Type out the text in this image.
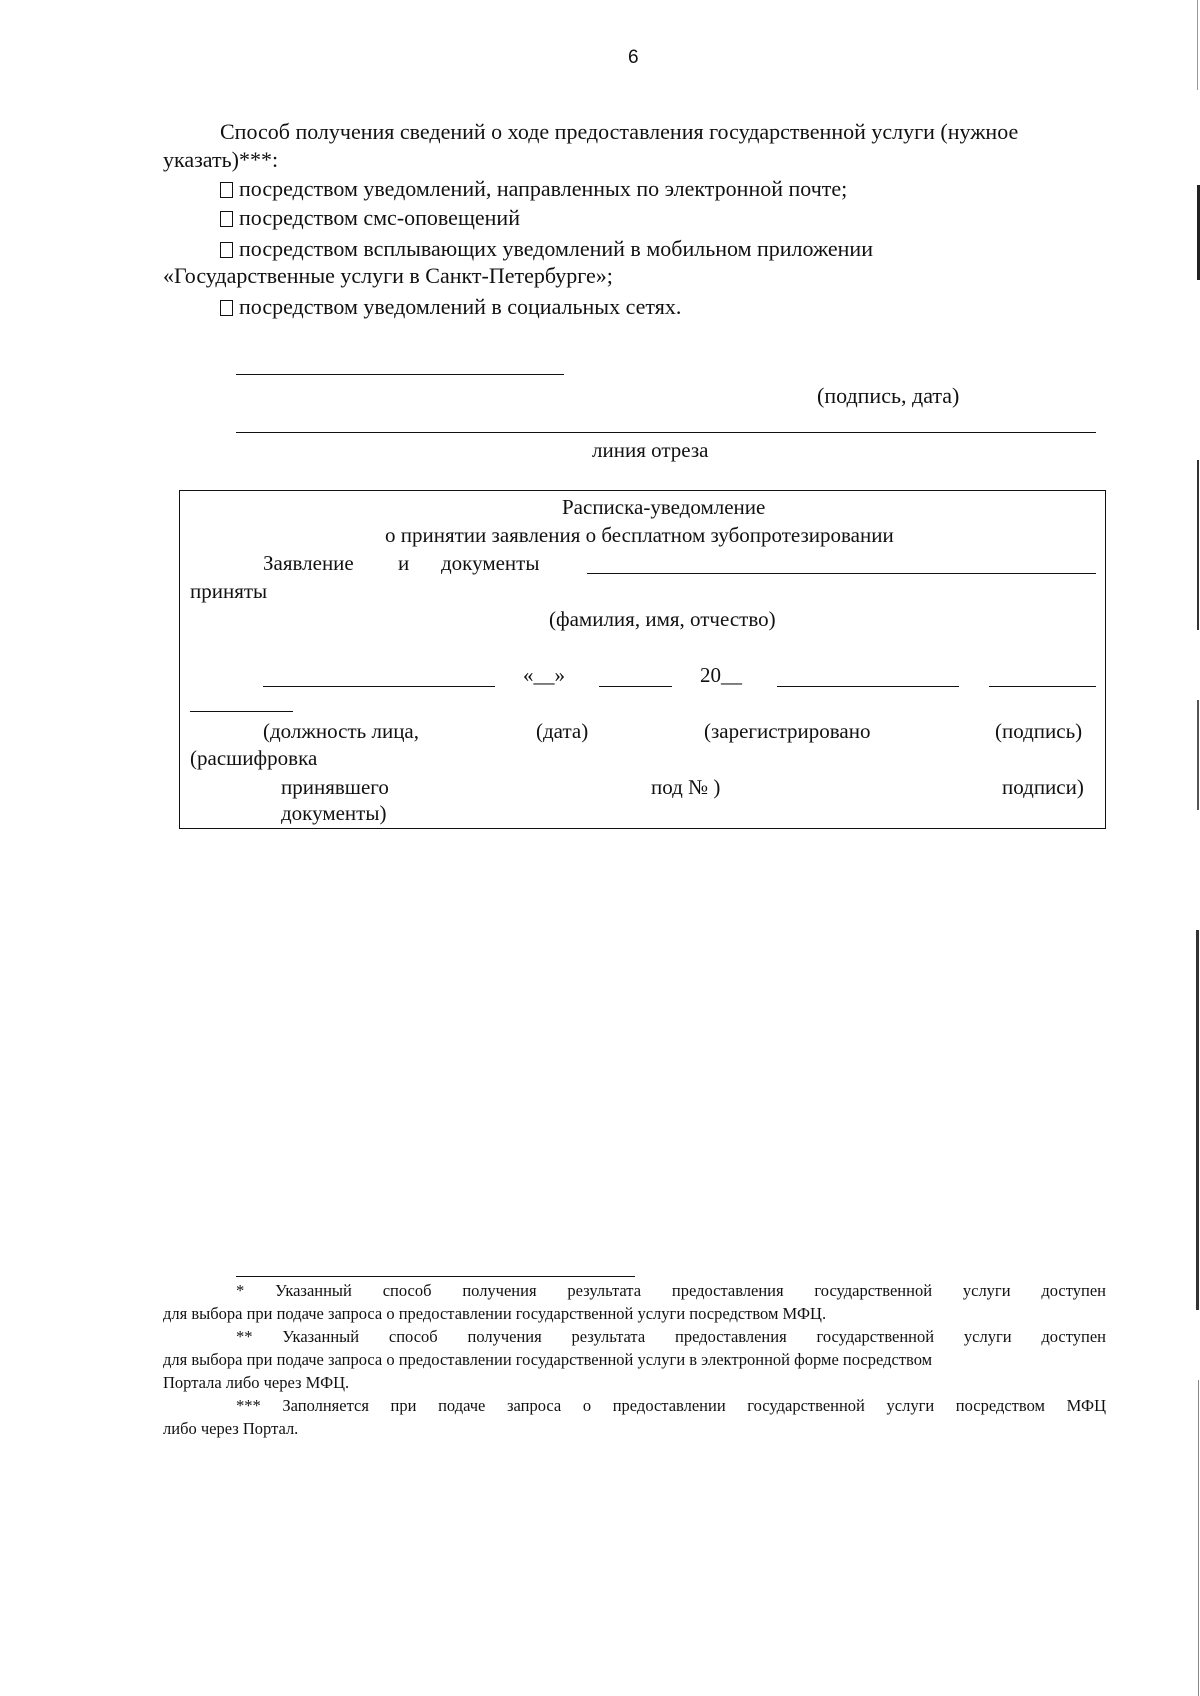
6
Способ получения сведений о ходе предоставления государственной услуги (нужное
указать)***:
посредством уведомлений, направленных по электронной почте;
посредством смс-оповещений
посредством всплывающих уведомлений в мобильном приложении
«Государственные услуги в Санкт-Петербурге»;
посредством уведомлений в социальных сетях.
(подпись, дата)
линия отреза
Расписка-уведомление
о принятии заявления о бесплатном зубопротезировании
Заявление и документы
приняты
(фамилия, имя, отчество)
«__»	20__
(должность лица,	(дата)	(зарегистрировано	(подпись)
(расшифровка
принявшего	под № )	подписи)
документы)
* Указанный способ получения результата предоставления государственной услуги доступен
для выбора при подаче запроса о предоставлении государственной услуги посредством МФЦ.
** Указанный способ получения результата предоставления государственной услуги доступен
для выбора при подаче запроса о предоставлении государственной услуги в электронной форме посредством
Портала либо через МФЦ.
*** Заполняется при подаче запроса о предоставлении государственной услуги посредством МФЦ
либо через Портал.
